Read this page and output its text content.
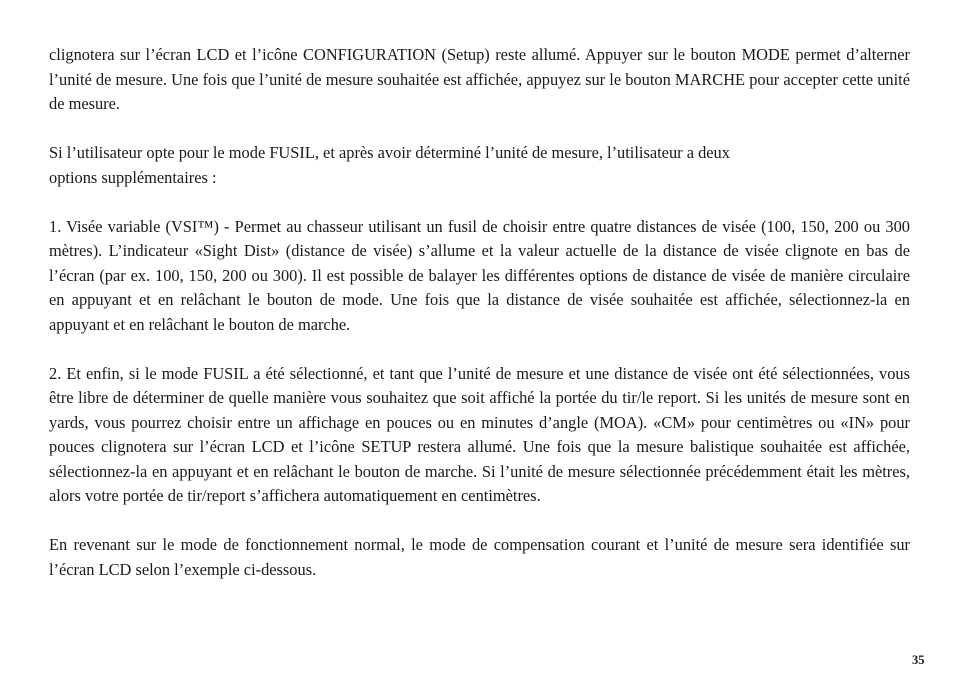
clignotera sur l’écran LCD et l’icône CONFIGURATION (Setup) reste allumé. Appuyer sur le bouton MODE permet d’alterner l’unité de mesure. Une fois que l’unité de mesure souhaitée est affichée, appuyez sur le bouton MARCHE pour accepter cette unité de mesure.

Si l’utilisateur opte pour le mode FUSIL, et après avoir déterminé l’unité de mesure, l’utilisateur a deux
options supplémentaires :

1. Visée variable (VSI™) - Permet au chasseur utilisant un fusil de choisir entre quatre distances de visée (100, 150, 200 ou 300 mètres). L’indicateur «Sight Dist» (distance de visée) s’allume et la valeur actuelle de la distance de visée clignote en bas de l’écran (par ex. 100, 150, 200 ou 300). Il est possible de balayer les différentes options de distance de visée de manière circulaire en appuyant et en relâchant le bouton de mode. Une fois que la distance de visée souhaitée est affichée, sélectionnez-la en appuyant et en relâchant le bouton de marche.

2. Et enfin, si le mode FUSIL a été sélectionné, et tant que l’unité de mesure et une distance de visée ont été sélectionnées, vous être libre de déterminer de quelle manière vous souhaitez que soit affiché la portée du tir/le report. Si les unités de mesure sont en yards, vous pourrez choisir entre un affichage en pouces ou en minutes d’angle (MOA). «CM» pour centimètres ou «IN» pour pouces clignotera sur l’écran LCD et l’icône SETUP restera allumé. Une fois que la mesure balistique souhaitée est affichée, sélectionnez-la en appuyant et en relâchant le bouton de marche. Si l’unité de mesure sélectionnée précédemment était les mètres, alors votre portée de tir/report s’affichera automatiquement en centimètres.

En revenant sur le mode de fonctionnement normal, le mode de compensation courant et l’unité de mesure sera identifiée sur l’écran LCD selon l’exemple ci-dessous.

35
